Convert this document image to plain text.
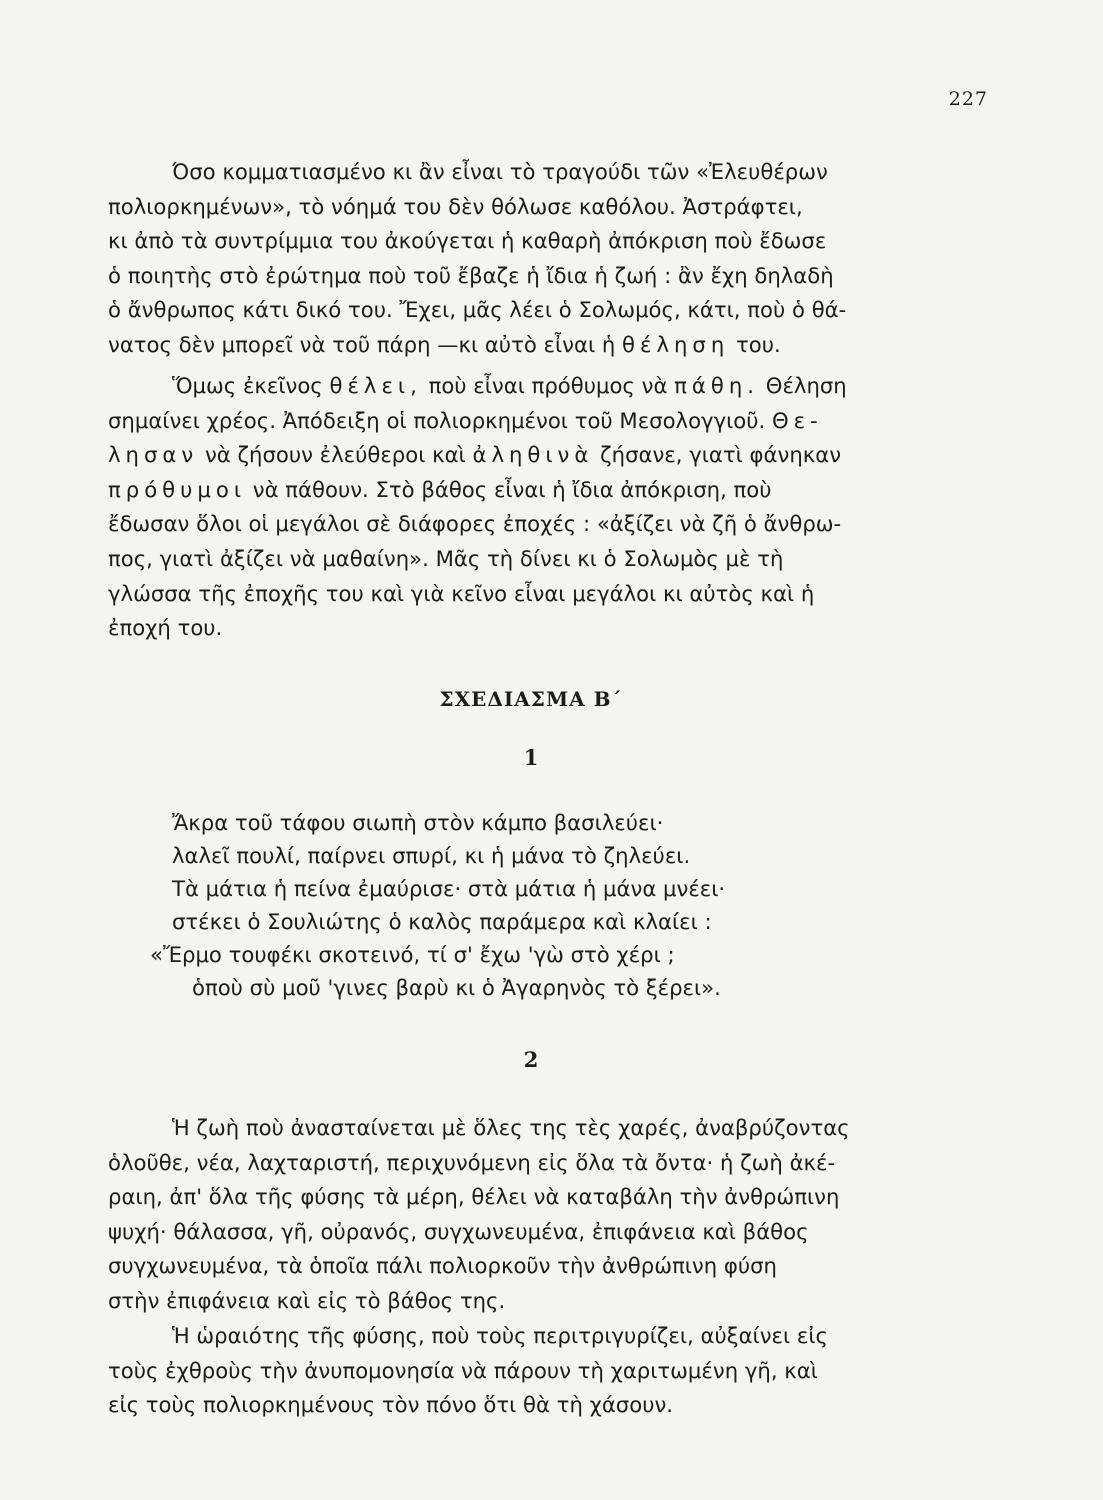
227

Όσο κομματιασμένο κι ἂν εἶναι τὸ τραγούδι τῶν «Ἐλευθέρων
πολιορκημένων», τὸ νόημά του δὲν θόλωσε καθόλου. Ἀστράφτει,
κι ἀπὸ τὰ συντρίμμια του ἀκούγεται ἡ καθαρὴ ἀπόκριση ποὺ ἔδωσε
ὁ ποιητὴς στὸ ἐρώτημα ποὺ τοῦ ἔβαζε ἡ ἴδια ἡ ζωή : ἂν ἔχη δηλαδὴ
ὁ ἄνθρωπος κάτι δικό του. Ἔχει, μᾶς λέει ὁ Σολωμός, κάτι, ποὺ ὁ θά-
νατος δὲν μπορεῖ νὰ τοῦ πάρη —κι αὐτὸ εἶναι ἡ θέληση του.

Ὅμως ἐκεῖνος θέλει, ποὺ εἶναι πρόθυμος νὰ πάθη. Θέληση
σημαίνει χρέος. Ἀπόδειξη οἱ πολιορκημένοι τοῦ Μεσολογγιοῦ. Θε-
λησαν νὰ ζήσουν ἐλεύθεροι καὶ ἀληθινὰ ζήσανε, γιατὶ φάνηκαν
πρόθυμοι νὰ πάθουν. Στὸ βάθος εἶναι ἡ ἴδια ἀπόκριση, ποὺ
ἔδωσαν ὅλοι οἱ μεγάλοι σὲ διάφορες ἐποχές : «ἀξίζει νὰ ζῆ ὁ ἄνθρω-
πος, γιατὶ ἀξίζει νὰ μαθαίνη». Μᾶς τὴ δίνει κι ὁ Σολωμὸς μὲ τὴ
γλώσσα τῆς ἐποχῆς του καὶ γιὰ κεῖνο εἶναι μεγάλοι κι αὐτὸς καὶ ἡ
ἐποχή του.

ΣΧΕΔΙΑΣΜΑ Β΄
1
Ἄκρα τοῦ τάφου σιωπὴ στὸν κάμπο βασιλεύει·
λαλεῖ πουλί, παίρνει σπυρί, κι ἡ μάνα τὸ ζηλεύει.
Τὰ μάτια ἡ πείνα ἐμαύρισε· στὰ μάτια ἡ μάνα μνέει·
στέκει ὁ Σουλιώτης ὁ καλὸς παράμερα καὶ κλαίει :
«Ἔρμο τουφέκι σκοτεινό, τί σ' ἔχω 'γὼ στὸ χέρι ;
ὁποὺ σὺ μοῦ 'γινες βαρὺ κι ὁ Ἀγαρηνὸς τὸ ξέρει».
2

Ἡ ζωὴ ποὺ ἀνασταίνεται μὲ ὅλες της τὲς χαρές, ἀναβρύζοντας
ὁλοῦθε, νέα, λαχταριστή, περιχυνόμενη εἰς ὅλα τὰ ὄντα· ἡ ζωὴ ἀκέ-
ραιη, ἀπ' ὅλα τῆς φύσης τὰ μέρη, θέλει νὰ καταβάλη τὴν ἀνθρώπινη
ψυχή· θάλασσα, γῆ, οὐρανός, συγχωνευμένα, ἐπιφάνεια καὶ βάθος
συγχωνευμένα, τὰ ὁποῖα πάλι πολιορκοῦν τὴν ἀνθρώπινη φύση
στὴν ἐπιφάνεια καὶ εἰς τὸ βάθος της.

Ἡ ὡραιότης τῆς φύσης, ποὺ τοὺς περιτριγυρίζει, αὐξαίνει εἰς
τοὺς ἐχθροὺς τὴν ἀνυπομονησία νὰ πάρουν τὴ χαριτωμένη γῆ, καὶ
εἰς τοὺς πολιορκημένους τὸν πόνο ὅτι θὰ τὴ χάσουν.
